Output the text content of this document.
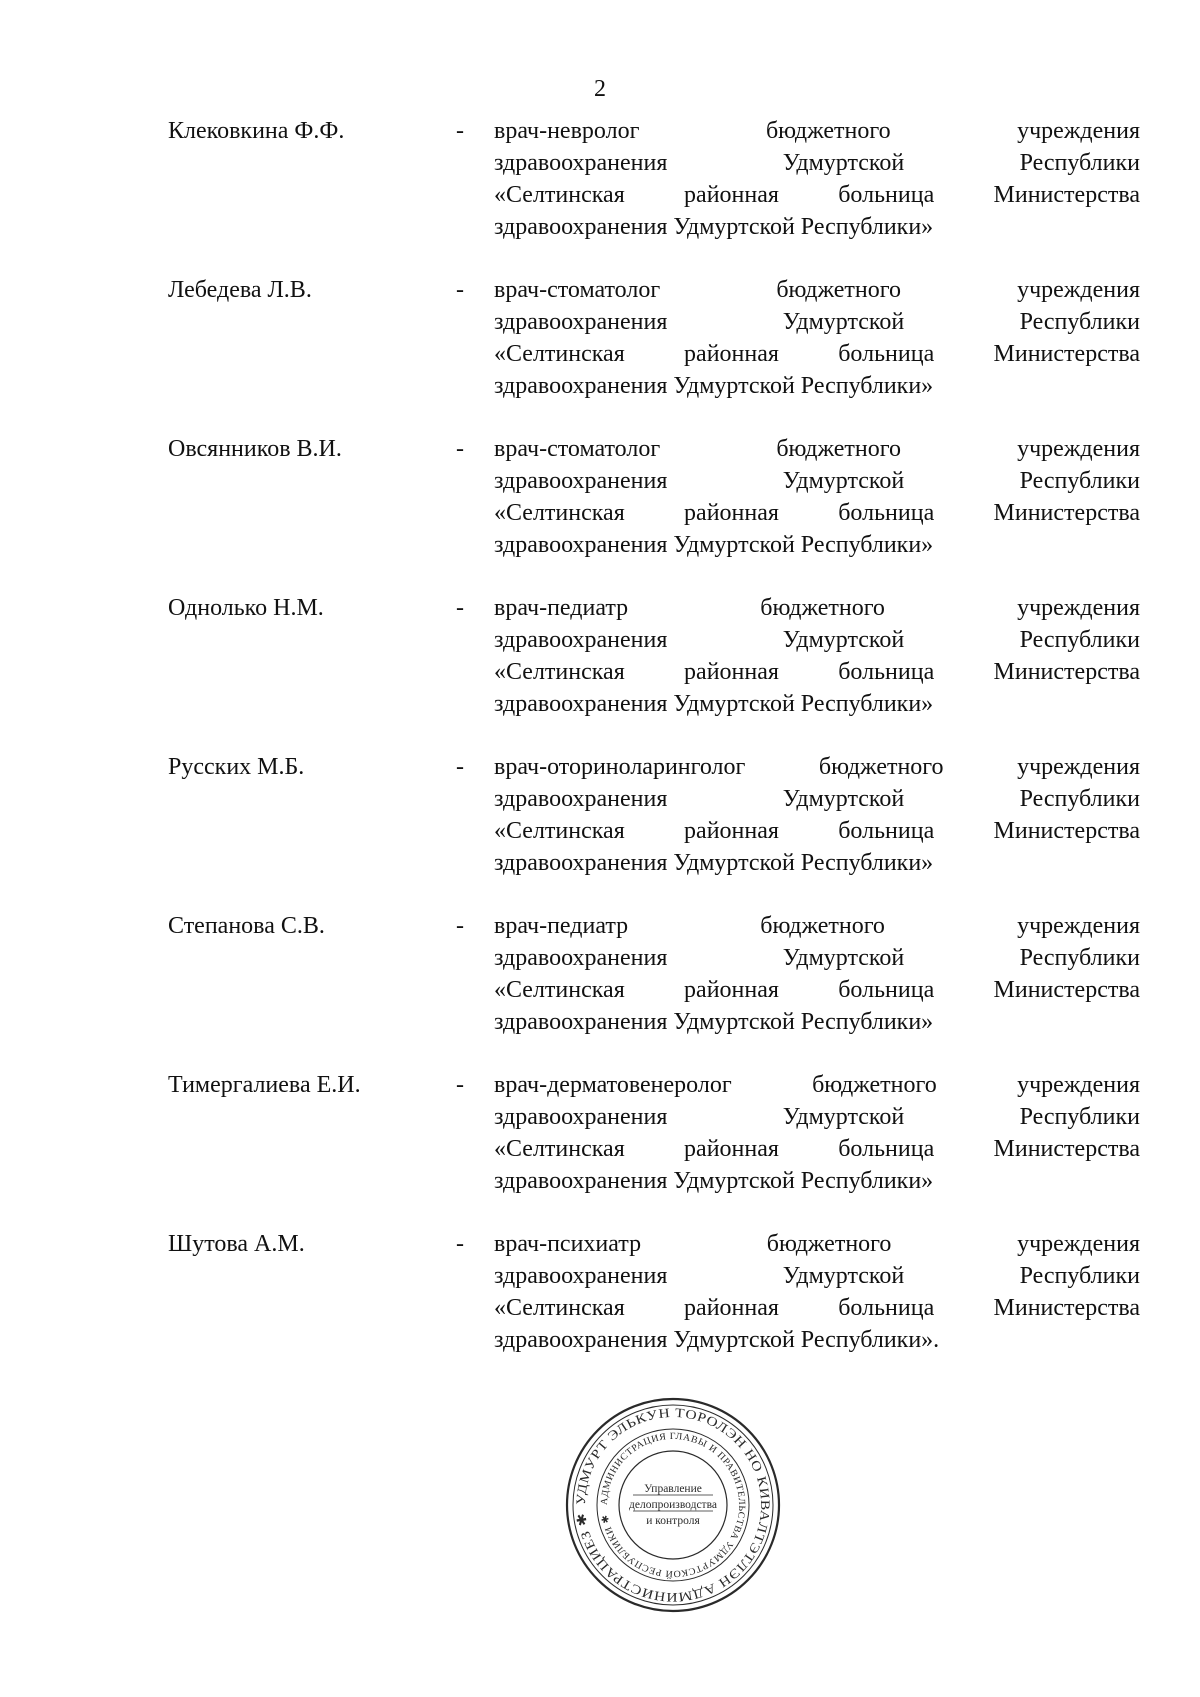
2
Клековкина Ф.Ф.	- врач-невролог бюджетного учреждения
здравоохранения Удмуртской Республики
«Селтинская районная больница Министерства
здравоохранения Удмуртской Республики»
Лебедева Л.В.	- врач-стоматолог бюджетного учреждения
здравоохранения Удмуртской Республики
«Селтинская районная больница Министерства
здравоохранения Удмуртской Республики»
Овсянников В.И.	- врач-стоматолог бюджетного учреждения
здравоохранения Удмуртской Республики
«Селтинская районная больница Министерства
здравоохранения Удмуртской Республики»
Однолько Н.М.	- врач-педиатр бюджетного учреждения
здравоохранения Удмуртской Республики
«Селтинская районная больница Министерства
здравоохранения Удмуртской Республики»
Русских М.Б.	- врач-оториноларинголог бюджетного учреждения
здравоохранения Удмуртской Республики
«Селтинская районная больница Министерства
здравоохранения Удмуртской Республики»
Степанова С.В.	- врач-педиатр бюджетного учреждения
здравоохранения Удмуртской Республики
«Селтинская районная больница Министерства
здравоохранения Удмуртской Республики»
Тимергалиева Е.И.	- врач-дерматовенеролог бюджетного учреждения
здравоохранения Удмуртской Республики
«Селтинская районная больница Министерства
здравоохранения Удмуртской Республики»
Шутова А.М.	- врач-психиатр бюджетного учреждения
здравоохранения Удмуртской Республики
«Селтинская районная больница Министерства
здравоохранения Удмуртской Республики».
УДМУРТ ЭЛЬКУН ТОРОЛЭН НО КИВАЛТЭТЛЭН АДМИНИСТРАЦИЕЗ ✱
АДМИНИСТРАЦИЯ ГЛАВЫ И ПРАВИТЕЛЬСТВА УДМУРТСКОЙ РЕСПУБЛИКИ ✱
Управление
делопроизводства
и контроля
